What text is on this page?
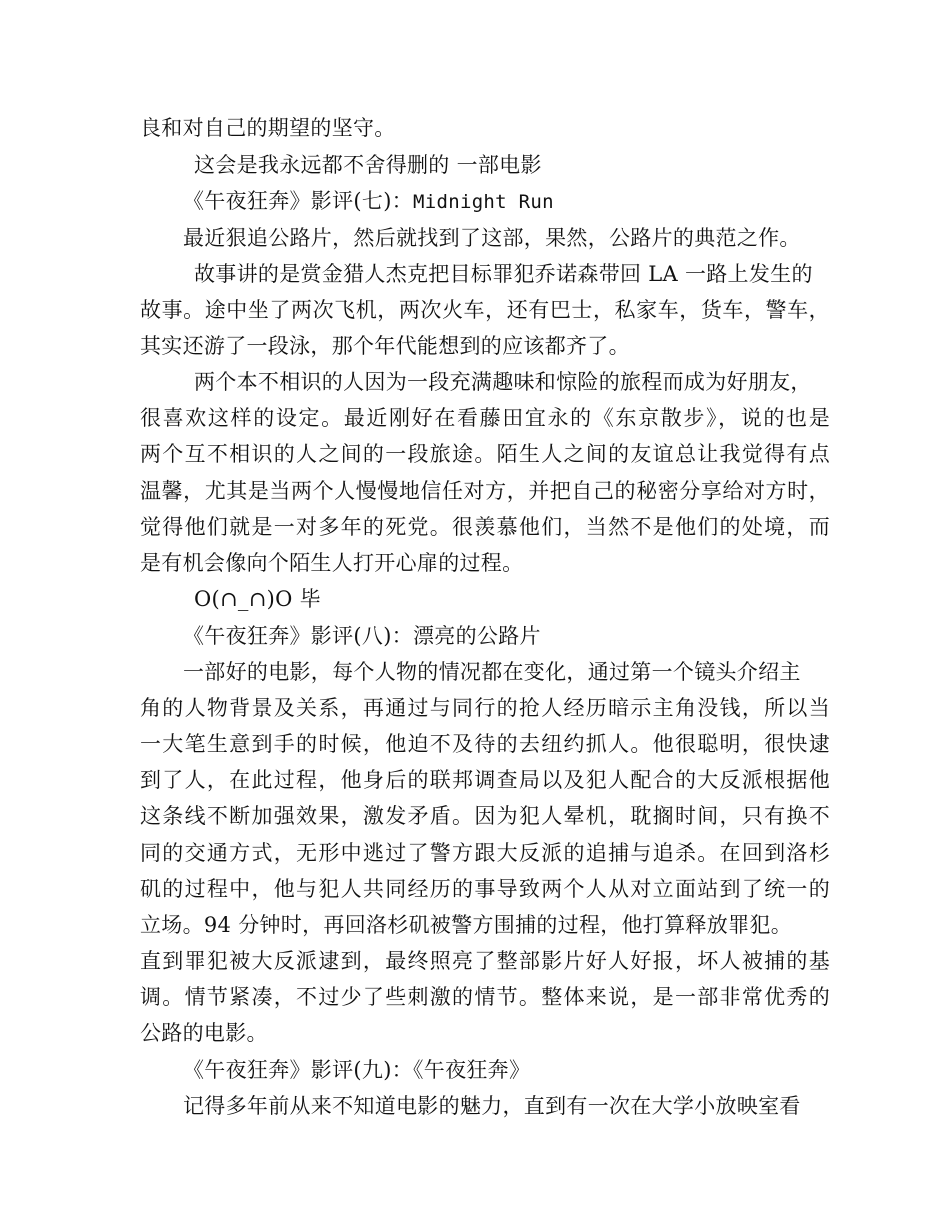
良和对自己的期望的坚守。
这会是我永远都不舍得删的 一部电影
《午夜狂奔》影评(七)：Midnight Run
最近狠追公路片，然后就找到了这部，果然，公路片的典范之作。
故事讲的是赏金猎人杰克把目标罪犯乔诺森带回 LA 一路上发生的
故事。途中坐了两次飞机，两次火车，还有巴士，私家车，货车，警车，
其实还游了一段泳，那个年代能想到的应该都齐了。
两个本不相识的人因为一段充满趣味和惊险的旅程而成为好朋友，
很喜欢这样的设定。最近刚好在看藤田宜永的《东京散步》，说的也是
两个互不相识的人之间的一段旅途。陌生人之间的友谊总让我觉得有点
温馨，尤其是当两个人慢慢地信任对方，并把自己的秘密分享给对方时，
觉得他们就是一对多年的死党。很羡慕他们，当然不是他们的处境，而
是有机会像向个陌生人打开心扉的过程。
O(∩_∩)O 毕
《午夜狂奔》影评(八)：漂亮的公路片
一部好的电影，每个人物的情况都在变化，通过第一个镜头介绍主
角的人物背景及关系，再通过与同行的抢人经历暗示主角没钱，所以当
一大笔生意到手的时候，他迫不及待的去纽约抓人。他很聪明，很快逮
到了人，在此过程，他身后的联邦调查局以及犯人配合的大反派根据他
这条线不断加强效果，激发矛盾。因为犯人晕机，耽搁时间，只有换不
同的交通方式，无形中逃过了警方跟大反派的追捕与追杀。在回到洛杉
矶的过程中，他与犯人共同经历的事导致两个人从对立面站到了统一的
立场。94 分钟时，再回洛杉矶被警方围捕的过程，他打算释放罪犯。
直到罪犯被大反派逮到，最终照亮了整部影片好人好报，坏人被捕的基
调。情节紧凑，不过少了些刺激的情节。整体来说，是一部非常优秀的
公路的电影。
《午夜狂奔》影评(九)：《午夜狂奔》
记得多年前从来不知道电影的魅力，直到有一次在大学小放映室看
